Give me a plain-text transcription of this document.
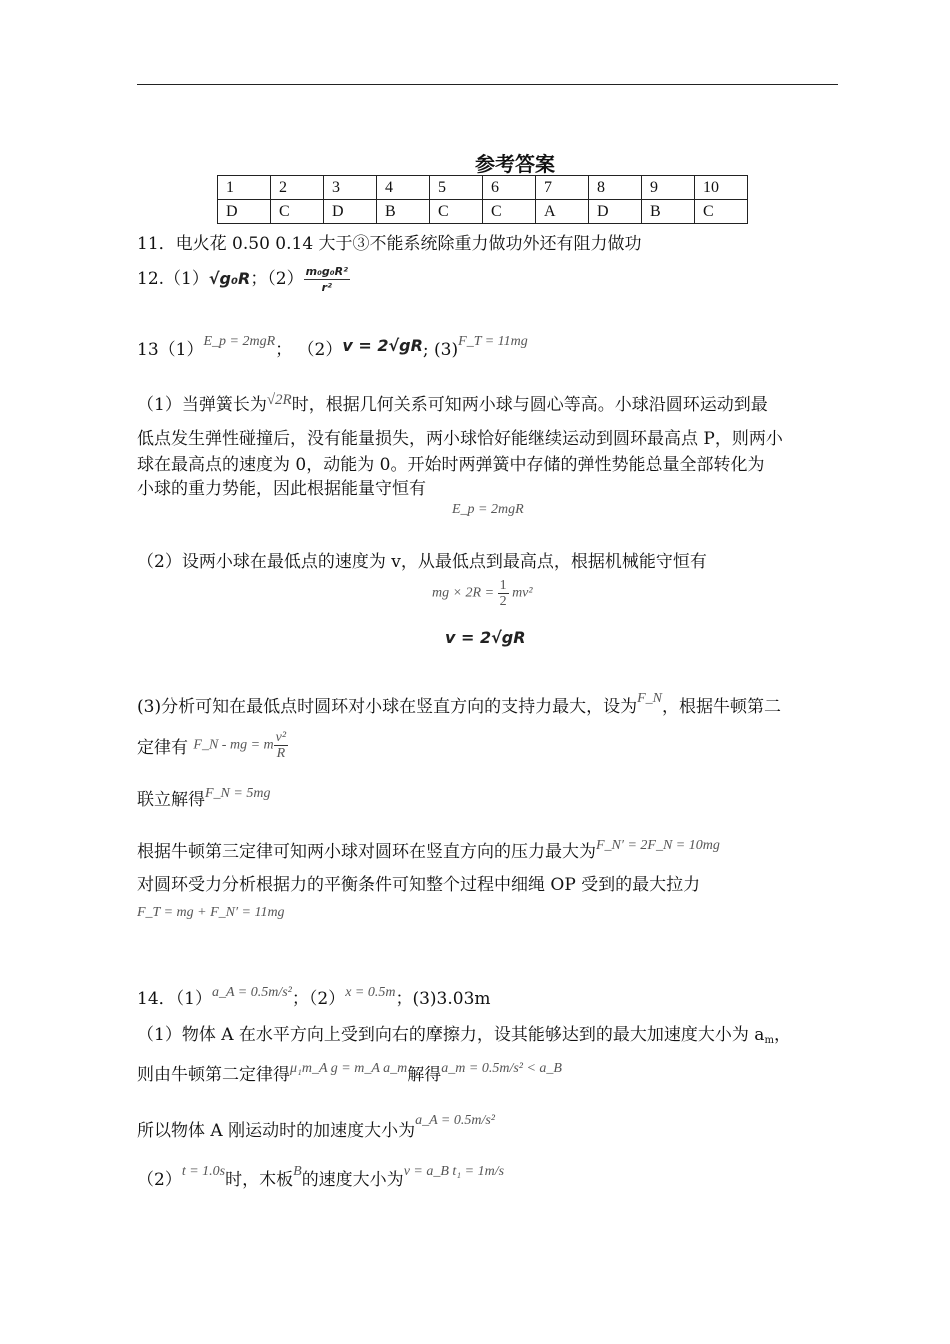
参考答案
1	2	3	4	5	6	7	8	9	10
D	C	D	B	C	C	A	D	B	C
11．电火花 0.50 0.14 大于③不能系统除重力做功外还有阻力做功
12.（1）√g₀R；$(2) \frac{\text{m₀g₀R²}}{\text{r²}}$
$13(1)^{E\_p = 2mgR}$； （2）v = 2√gR; $(3)^{F\_T = 11mg}$
（1）当弹簧长为√2R时，根据几何关系可知两小球与圆心等高。小球沿圆环运动到最
低点发生弹性碰撞后，没有能量损失，两小球恰好能继续运动到圆环最高点 P，则两小
球在最高点的速度为 0，动能为 0。开始时两弹簧中存储的弹性势能总量全部转化为
小球的重力势能，因此根据能量守恒有
E_p = 2mgR
（2）设两小球在最低点的速度为 v，从最低点到最高点，根据机械能守恒有
mg × $2R = \frac{1}{2} mv^2$
v = 2√gR
(3)分析可知在最低点时圆环对小球在竖直方向的支持力最大，设为$^{F\_N}$，根据牛顿第二
定律有 F_N - mg = m $\frac{\text{v²}}{R}$
联立解得$^{F\_N = 5mg}$
根据牛顿第三定律可知两小球对圆环在竖直方向的压力最大为$^{F\_N' = 2F\_N = 10mg}$
对圆环受力分析根据力的平衡条件可知整个过程中细绳 OP 受到的最大拉力
F_T = mg + F_N′ = 11mg
14．$(1)^{a\_A = 0.5m/s^2}$；$(2)^{x = 0.5m}$；(3)3.03m
（1）物体 A 在水平方向上受到向右的摩擦力，设其能够达到的最大加速度大小为 am，
则由牛顿第二定律得$^{\mu_1m\_A g = m\_A a\_m}$解得$^{a\_m = 0.5m/s^2 < a\_B}$
所以物体 A 刚运动时的加速度大小为$^{a\_A = 0.5m/s^2}$
$(2)^{t = 1.0s}$时，木板$^B$的速度大小为$^{v = a\_B t_1 = 1m/s}$
